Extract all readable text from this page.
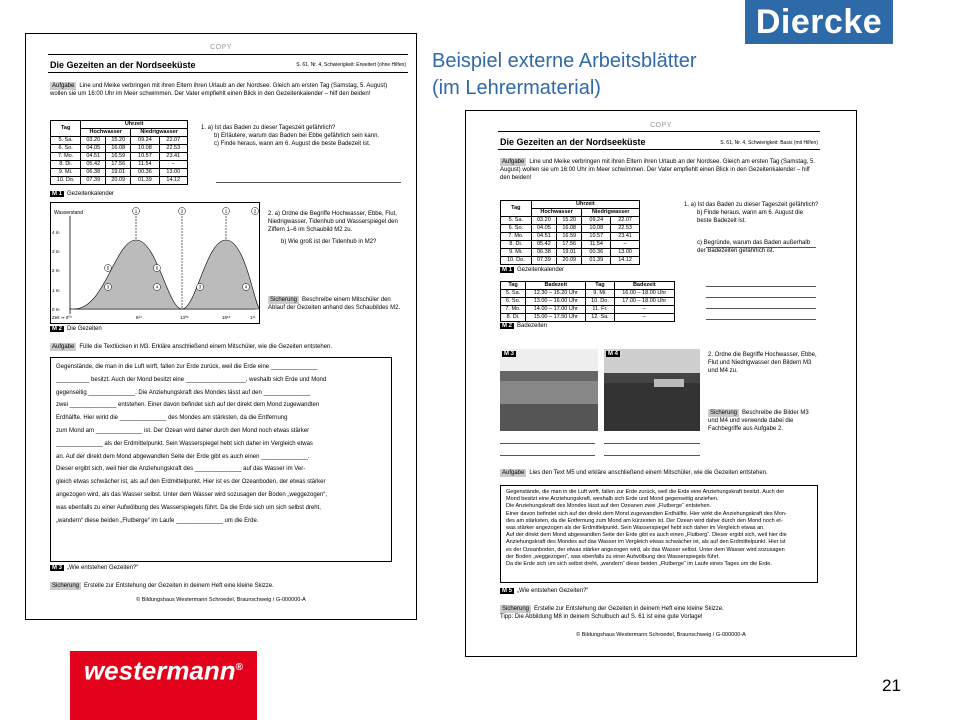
Diercke
Beispiel externe Arbeitsblätter
(im Lehrermaterial)
COPY
Die Gezeiten an der Nordseeküste	S. 61, Nr. 4, Schwierigkeit: Erweitert (ohne Hilfen)
Aufgabe Line und Meike verbringen mit ihren Eltern ihren Urlaub an der Nordsee. Gleich am ersten Tag (Samstag, 5. August) wollen sie um 16:00 Uhr im Meer schwimmen. Der Vater empfiehlt einen Blick in den Gezeitenkalender – hilf den beiden!
Tag	Uhrzeit			
	Hochwasser		Niedrigwasser	
5. Sa.	03.20	15.20	09.24	22.07
6. So.	04.05	16.08	10.08	22.53
7. Mo.	04.51	16.59	10.57	23.41
8. Di.	05.42	17.56	11.54	–
9. Mi.	06.38	19.01	00.36	13.00
10. Do.	07.39	20.09	01.39	14.12
1. a) Ist das Baden zu dieser Tageszeit gefährlich?
b) Erläutere, warum das Baden bei Ebbe gefährlich sein kann.
c) Finde heraus, wann am 6. August die beste Badezeit ist.
M 1 Gezeitenkalender
Wasserstand
4 m
3 m
2 m
1 m
0 m
Zeit ⇒ 0⁰⁰	6²⁴	13⁰⁶	18¹⁸	1¹¹
1	2	1	2
3	4
5	6
3	4
2. a) Ordne die Begriffe Hochwasser, Ebbe, Flut, Niedrigwasser, Tidenhub und Wasserspiegel den Ziffern 1–6 im Schaubild M2 zu.
b) Wie groß ist der Tidenhub in M2?
Sicherung Beschreibe einem Mitschüler den Ablauf der Gezeiten anhand des Schaubildes M2.
M 2 Die Gezeiten
Aufgabe Fülle die Textlücken in M3. Erkläre anschließend einem Mitschüler, wie die Gezeiten entstehen.
Gegenstände, die man in die Luft wirft, fallen zur Erde zurück, weil die Erde eine ______________
__________ besitzt. Auch der Mond besitzt eine __________________, weshalb sich Erde und Mond
gegenseitig ______________. Die Anziehungskraft des Mondes lässt auf den ______________
zwei ______________ entstehen. Einer davon befindet sich auf der direkt dem Mond zugewandten
Erdhälfte. Hier wirkt die ______________ des Mondes am stärksten, da die Entfernung
zum Mond am ______________ ist. Der Ozean wird daher durch den Mond noch etwas stärker
______________ als der Erdmittelpunkt. Sein Wasserspiegel hebt sich daher im Vergleich etwas
an. Auf der direkt dem Mond abgewandten Seite der Erde gibt es auch einen ______________.
Dieser ergibt sich, weil hier die Anziehungskraft des ______________ auf das Wasser im Ver-
gleich etwas schwächer ist, als auf den Erdmittelpunkt. Hier ist es der Ozeanboden, der etwas stärker
angezogen wird, als das Wasser selbst. Unter dem Wasser wird sozusagen der Boden „weggezogen“,
was ebenfalls zu einer Aufwölbung des Wasserspiegels führt. Da die Erde sich um sich selbst dreht,
„wandern“ diese beiden „Flutberge“ im Laufe ______________ um die Erde.
M 3 „Wie entstehen Gezeiten?“
Sicherung Erstelle zur Entstehung der Gezeiten in deinem Heft eine kleine Skizze.
© Bildungshaus Westermann Schroedel, Braunschweig / G-000000-A
COPY
Die Gezeiten an der Nordseeküste	S. 61, Nr. 4, Schwierigkeit: Basis (mit Hilfen)
Aufgabe Line und Meike verbringen mit ihren Eltern ihren Urlaub an der Nordsee. Gleich am ersten Tag (Samstag, 5. August) wollen sie um 16:00 Uhr im Meer schwimmen. Der Vater empfiehlt einen Blick in den Gezeitenkalender – hilf den beiden!
Tag	Uhrzeit			
	Hochwasser		Niedrigwasser	
5. Sa.	03.20	15.20	09.24	22.07
6. So.	04.05	16.08	10.08	22.53
7. Mo.	04.51	16.59	10.57	23.41
8. Di.	05.42	17.56	11.54	–
9. Mi.	06.38	19.01	00.36	13.00
10. Do.	07.39	20.09	01.39	14.12
1. a) Ist das Baden zu dieser Tageszeit gefährlich?
b) Finde heraus, wann am 6. August die beste Badezeit ist.
c) Begründe, warum das Baden außerhalb der Badezeiten gefährlich ist.
M 1 Gezeitenkalender
Tag	Badezeit	Tag	Badezeit
5. Sa.	12.30 – 15.20 Uhr	9. Mi.	16.00 – 18.00 Uhr
6. So.	13.00 – 16.00 Uhr	10. Do.	17.00 – 18.00 Uhr
7. Mo.	14.00 – 17.00 Uhr	11. Fr.	–
8. Di.	15.00 – 17.50 Uhr	12. Sa.	–
M 2 Badezeiten
M 3	M 4	2. Ordne die Begriffe Hochwasser, Ebbe, Flut und Niedrigwasser den Bildern M3 und M4 zu.
Sicherung Beschreibe die Bilder M3 und M4 und verwende dabei die Fachbegriffe aus Aufgabe 2.
Aufgabe Lies den Text M5 und erkläre anschließend einem Mitschüler, wie die Gezeiten entstehen.
Gegenstände, die man in die Luft wirft, fallen zur Erde zurück, weil die Erde eine Anziehungskraft besitzt. Auch der
Mond besitzt eine Anziehungskraft, weshalb sich Erde und Mond gegenseitig anziehen.
Die Anziehungskraft des Mondes lässt auf den Ozeanen zwei „Flutberge“ entstehen.
Einer davon befindet sich auf der direkt dem Mond zugewandten Erdhälfte. Hier wirkt die Anziehungskraft des Mon-
des am stärksten, da die Entfernung zum Mond am kürzesten ist. Der Ozean wird daher durch den Mond noch et-
was stärker angezogen als der Erdmittelpunkt. Sein Wasserspiegel hebt sich daher im Vergleich etwas an.
Auf der direkt dem Mond abgewandten Seite der Erde gibt es auch einen „Flutberg“. Dieser ergibt sich, weil hier die
Anziehungskraft des Mondes auf das Wasser im Vergleich etwas schwächer ist, als auf den Erdmittelpunkt. Hier ist
es der Ozeanboden, der etwas stärker angezogen wird, als das Wasser selbst. Unter dem Wasser wird sozusagen
der Boden „weggezogen“, was ebenfalls zu einer Aufwölbung des Wasserspiegels führt.
Da die Erde sich um sich selbst dreht, „wandern“ diese beiden „Flutberge“ im Laufe eines Tages um die Erde.
M 5 „Wie entstehen Gezeiten?“
Sicherung Erstelle zur Entstehung der Gezeiten in deinem Heft eine kleine Skizze.
Tipp: Die Abbildung M8 in deinem Schulbuch auf S. 61 ist eine gute Vorlage!
© Bildungshaus Westermann Schroedel, Braunschweig / G-000000-A
westermann®
21
